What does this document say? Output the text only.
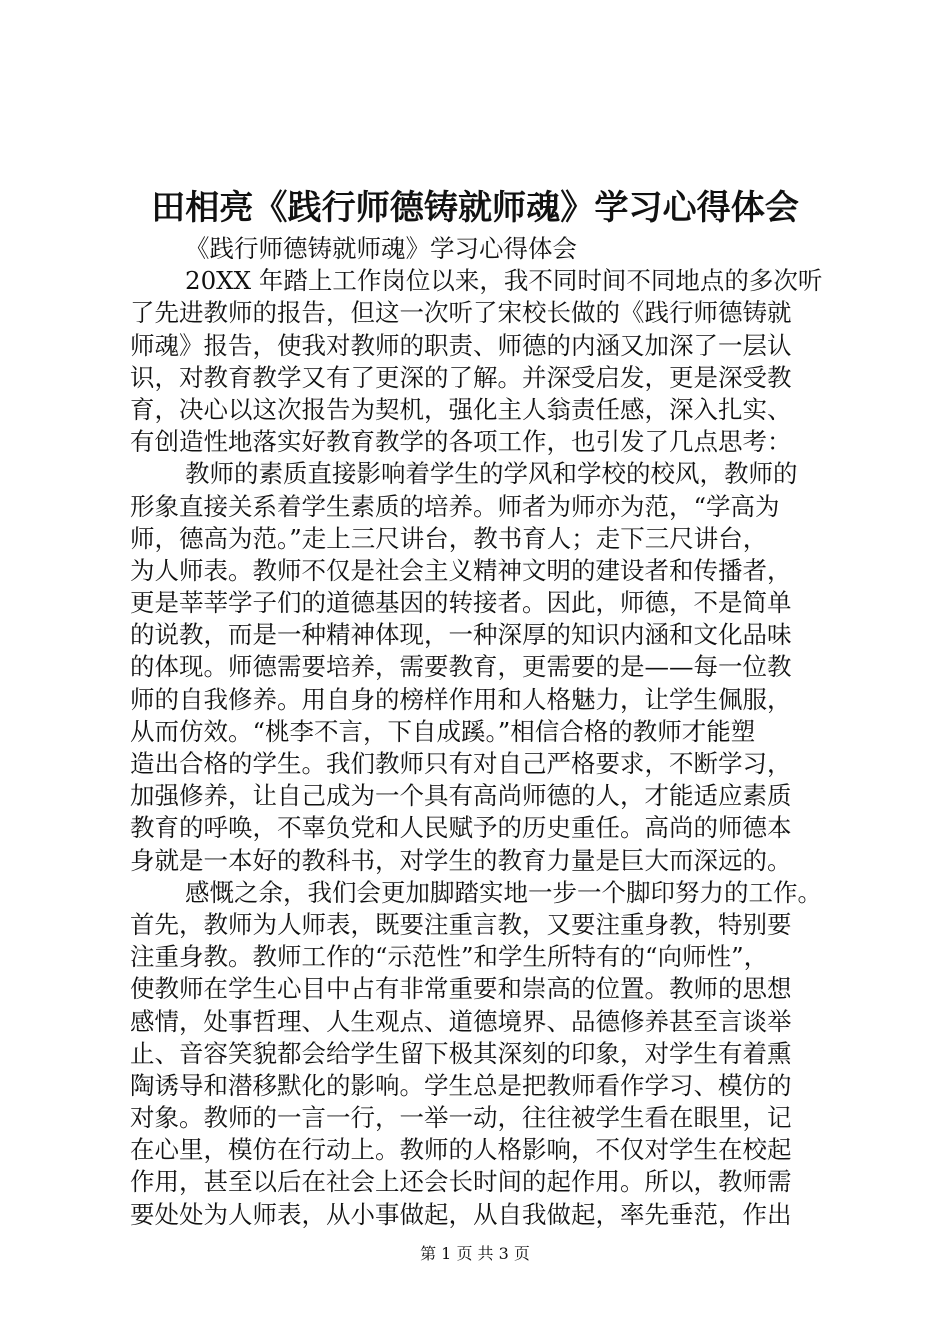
田相亮《践行师德铸就师魂》学习心得体会
《践行师德铸就师魂》学习心得体会
20XX 年踏上工作岗位以来，我不同时间不同地点的多次听
了先进教师的报告，但这一次听了宋校长做的《践行师德铸就
师魂》报告，使我对教师的职责、师德的内涵又加深了一层认
识，对教育教学又有了更深的了解。并深受启发，更是深受教
育，决心以这次报告为契机，强化主人翁责任感，深入扎实、
有创造性地落实好教育教学的各项工作，也引发了几点思考：
教师的素质直接影响着学生的学风和学校的校风，教师的
形象直接关系着学生素质的培养。师者为师亦为范，“学高为
师，德高为范。”走上三尺讲台，教书育人；走下三尺讲台，
为人师表。教师不仅是社会主义精神文明的建设者和传播者，
更是莘莘学子们的道德基因的转接者。因此，师德，不是简单
的说教，而是一种精神体现，一种深厚的知识内涵和文化品味
的体现。师德需要培养，需要教育，更需要的是——每一位教
师的自我修养。用自身的榜样作用和人格魅力，让学生佩服，
从而仿效。“桃李不言，下自成蹊。”相信合格的教师才能塑
造出合格的学生。我们教师只有对自己严格要求，不断学习，
加强修养，让自己成为一个具有高尚师德的人，才能适应素质
教育的呼唤，不辜负党和人民赋予的历史重任。高尚的师德本
身就是一本好的教科书，对学生的教育力量是巨大而深远的。
感慨之余，我们会更加脚踏实地一步一个脚印努力的工作。
首先，教师为人师表，既要注重言教，又要注重身教，特别要
注重身教。教师工作的“示范性”和学生所特有的“向师性”，
使教师在学生心目中占有非常重要和崇高的位置。教师的思想
感情，处事哲理、人生观点、道德境界、品德修养甚至言谈举
止、音容笑貌都会给学生留下极其深刻的印象，对学生有着熏
陶诱导和潜移默化的影响。学生总是把教师看作学习、模仿的
对象。教师的一言一行，一举一动，往往被学生看在眼里，记
在心里，模仿在行动上。教师的人格影响，不仅对学生在校起
作用，甚至以后在社会上还会长时间的起作用。所以，教师需
要处处为人师表，从小事做起，从自我做起，率先垂范，作出
第 1 页 共 3 页
